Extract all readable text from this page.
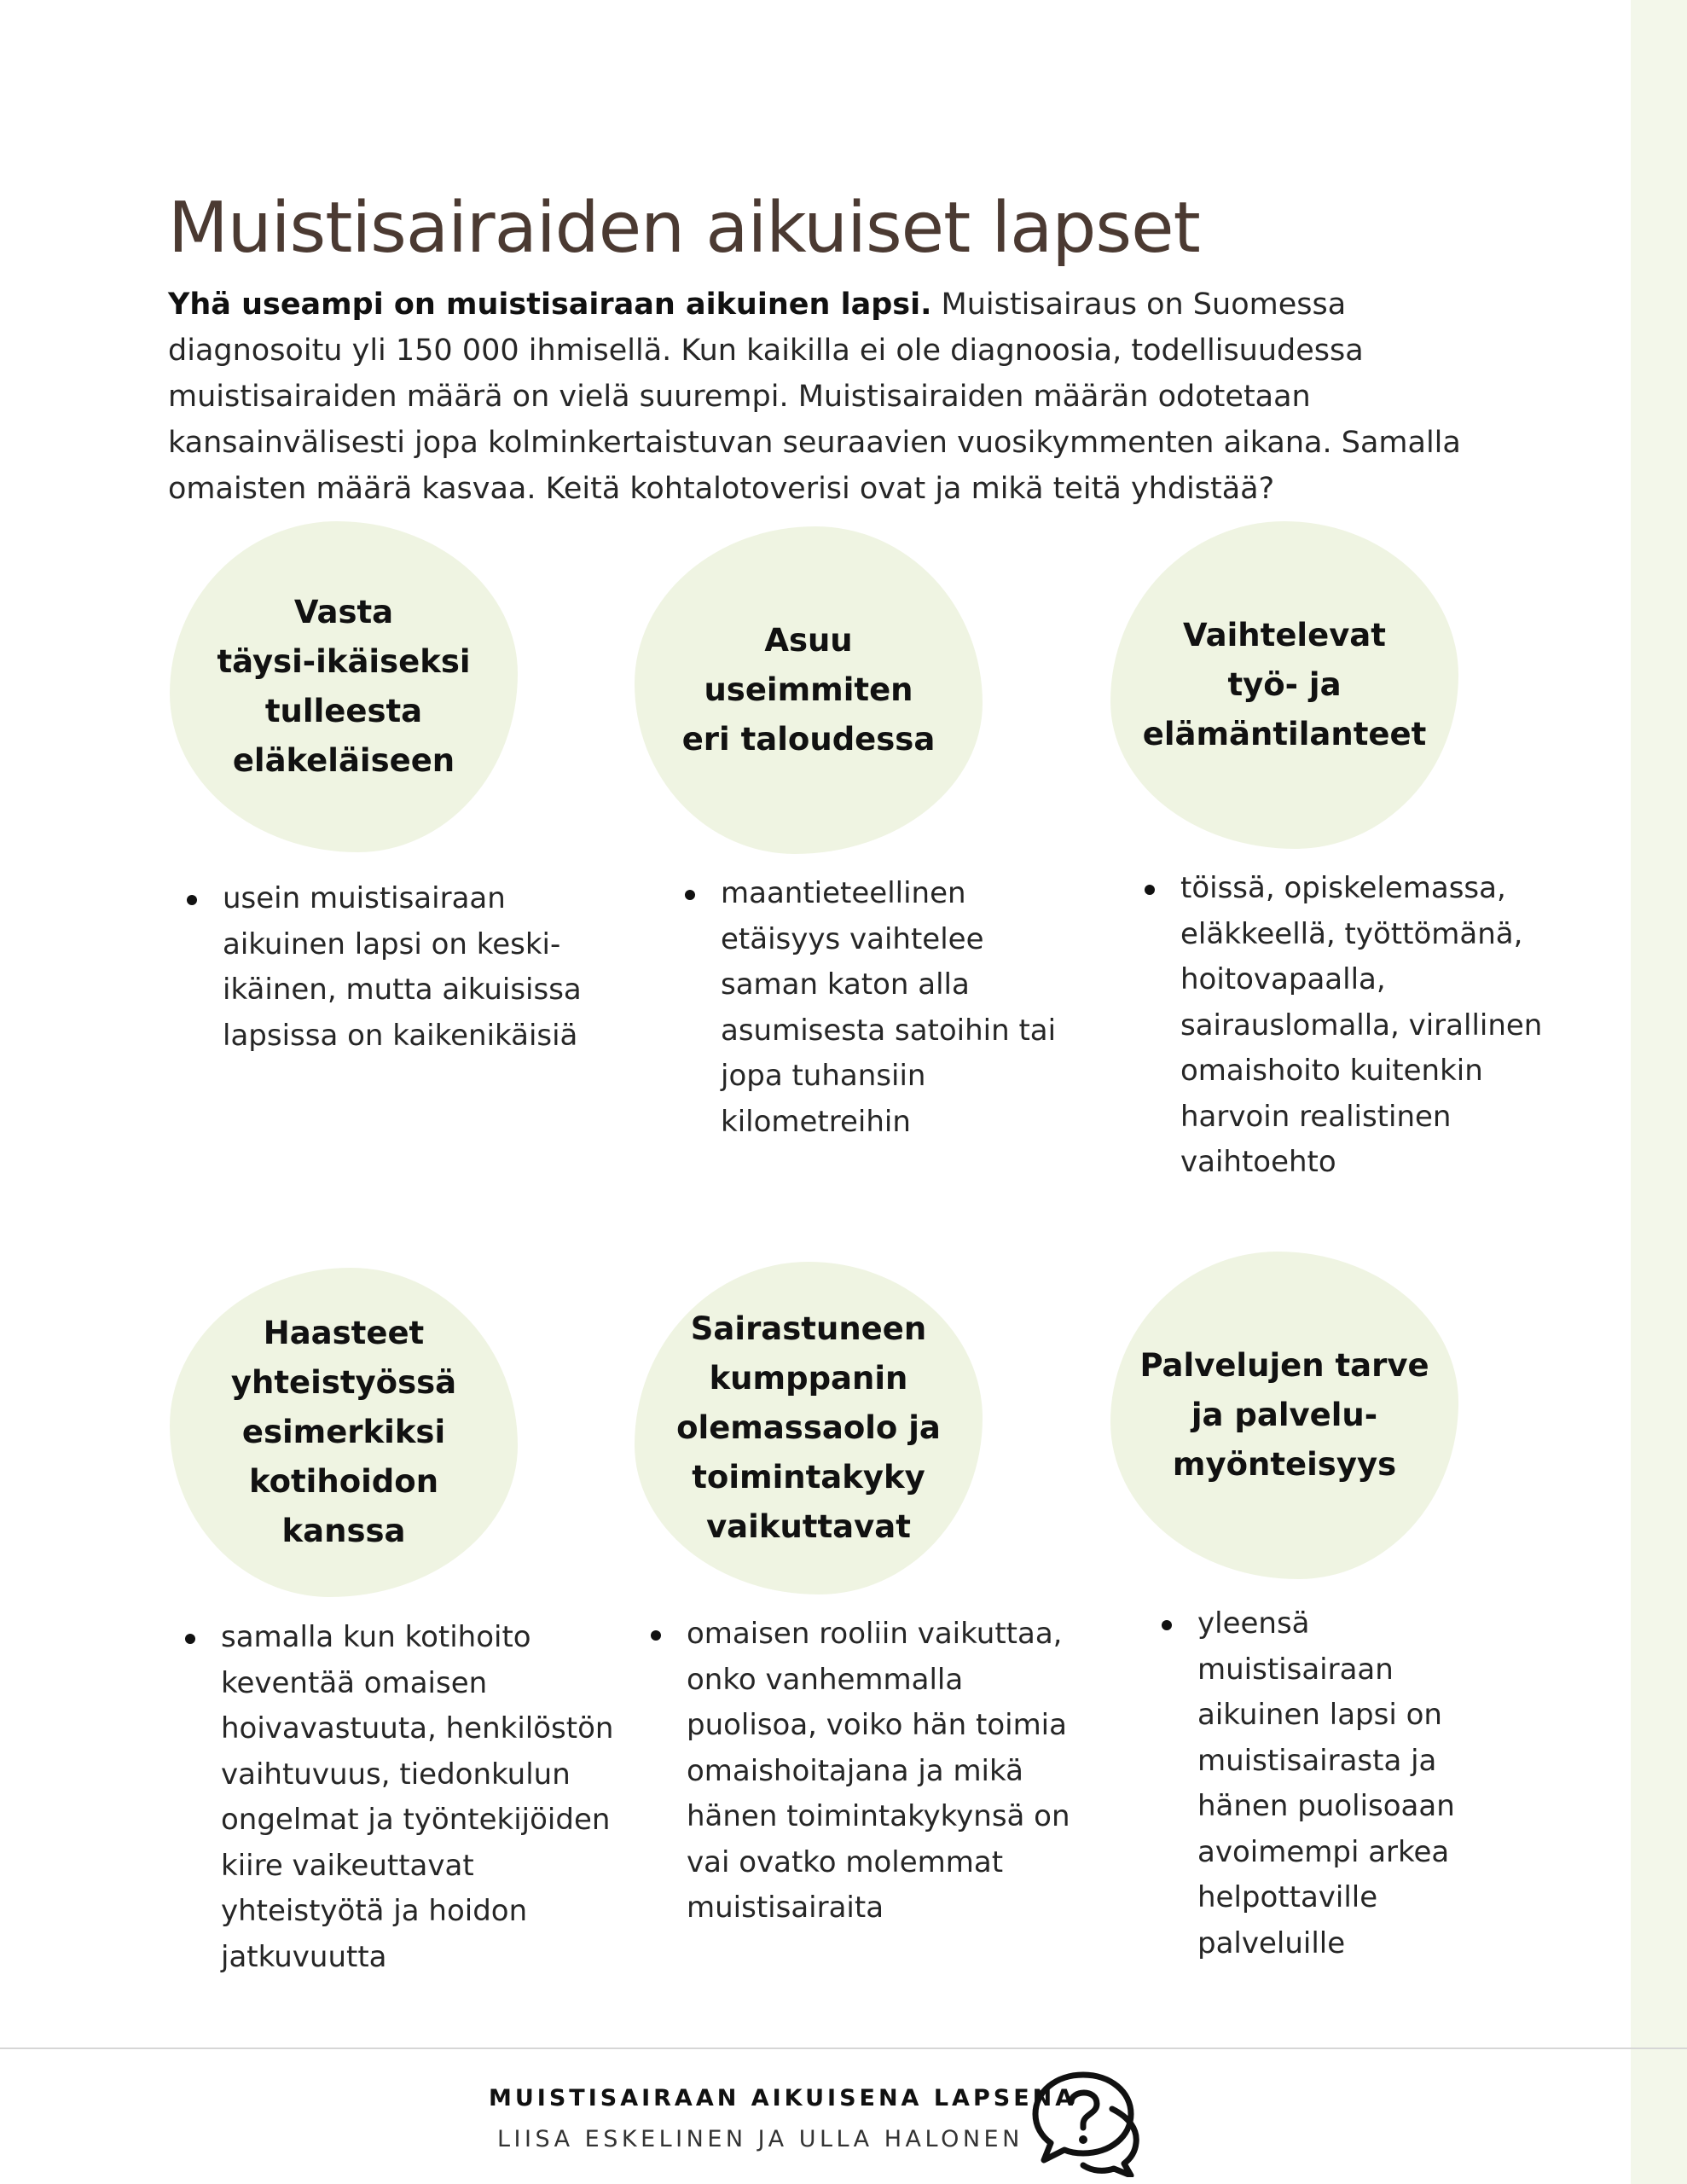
Muistisairaiden aikuiset lapset

Yhä useampi on muistisairaan aikuinen lapsi. Muistisairaus on Suomessa diagnosoitu yli 150 000 ihmisellä. Kun kaikilla ei ole diagnoosia, todellisuudessa muistisairaiden määrä on vielä suurempi. Muistisairaiden määrän odotetaan kansainvälisesti jopa kolminkertaistuvan seuraavien vuosikymmenten aikana. Samalla omaisten määrä kasvaa. Keitä kohtalotoverisi ovat ja mikä teitä yhdistää?

Vasta
täysi-ikäiseksi
tulleesta
eläkeläiseen
usein muistisairaan aikuinen lapsi on keski-ikäinen, mutta aikuisissa lapsissa on kaikenikäisiä
Asuu
useimmiten
eri taloudessa
maantieteellinen etäisyys vaihtelee saman katon alla asumisesta satoihin tai jopa tuhansiin kilometreihin
Vaihtelevat
työ- ja
elämäntilanteet
töissä, opiskelemassa, eläkkeellä, työttömänä, hoitovapaalla, sairauslomalla, virallinen omaishoito kuitenkin harvoin realistinen vaihtoehto
Haasteet
yhteistyössä
esimerkiksi
kotihoidon
kanssa
samalla kun kotihoito keventää omaisen hoivavastuuta, henkilöstön vaihtuvuus, tiedonkulun ongelmat ja työntekijöiden kiire vaikeuttavat yhteistyötä ja hoidon jatkuvuutta
Sairastuneen
kumppanin
olemassaolo ja
toimintakyky
vaikuttavat
omaisen rooliin vaikuttaa, onko vanhemmalla puolisoa, voiko hän toimia omaishoitajana ja mikä hänen toimintakykynsä on vai ovatko molemmat muistisairaita
Palvelujen tarve
ja palvelu-
myönteisyys
yleensä muistisairaan aikuinen lapsi on muistisairasta ja hänen puolisoaan avoimempi arkea helpottaville palveluille
MUISTISAIRAAN AIKUISENA LAPSENA
LIISA ESKELINEN JA ULLA HALONEN
